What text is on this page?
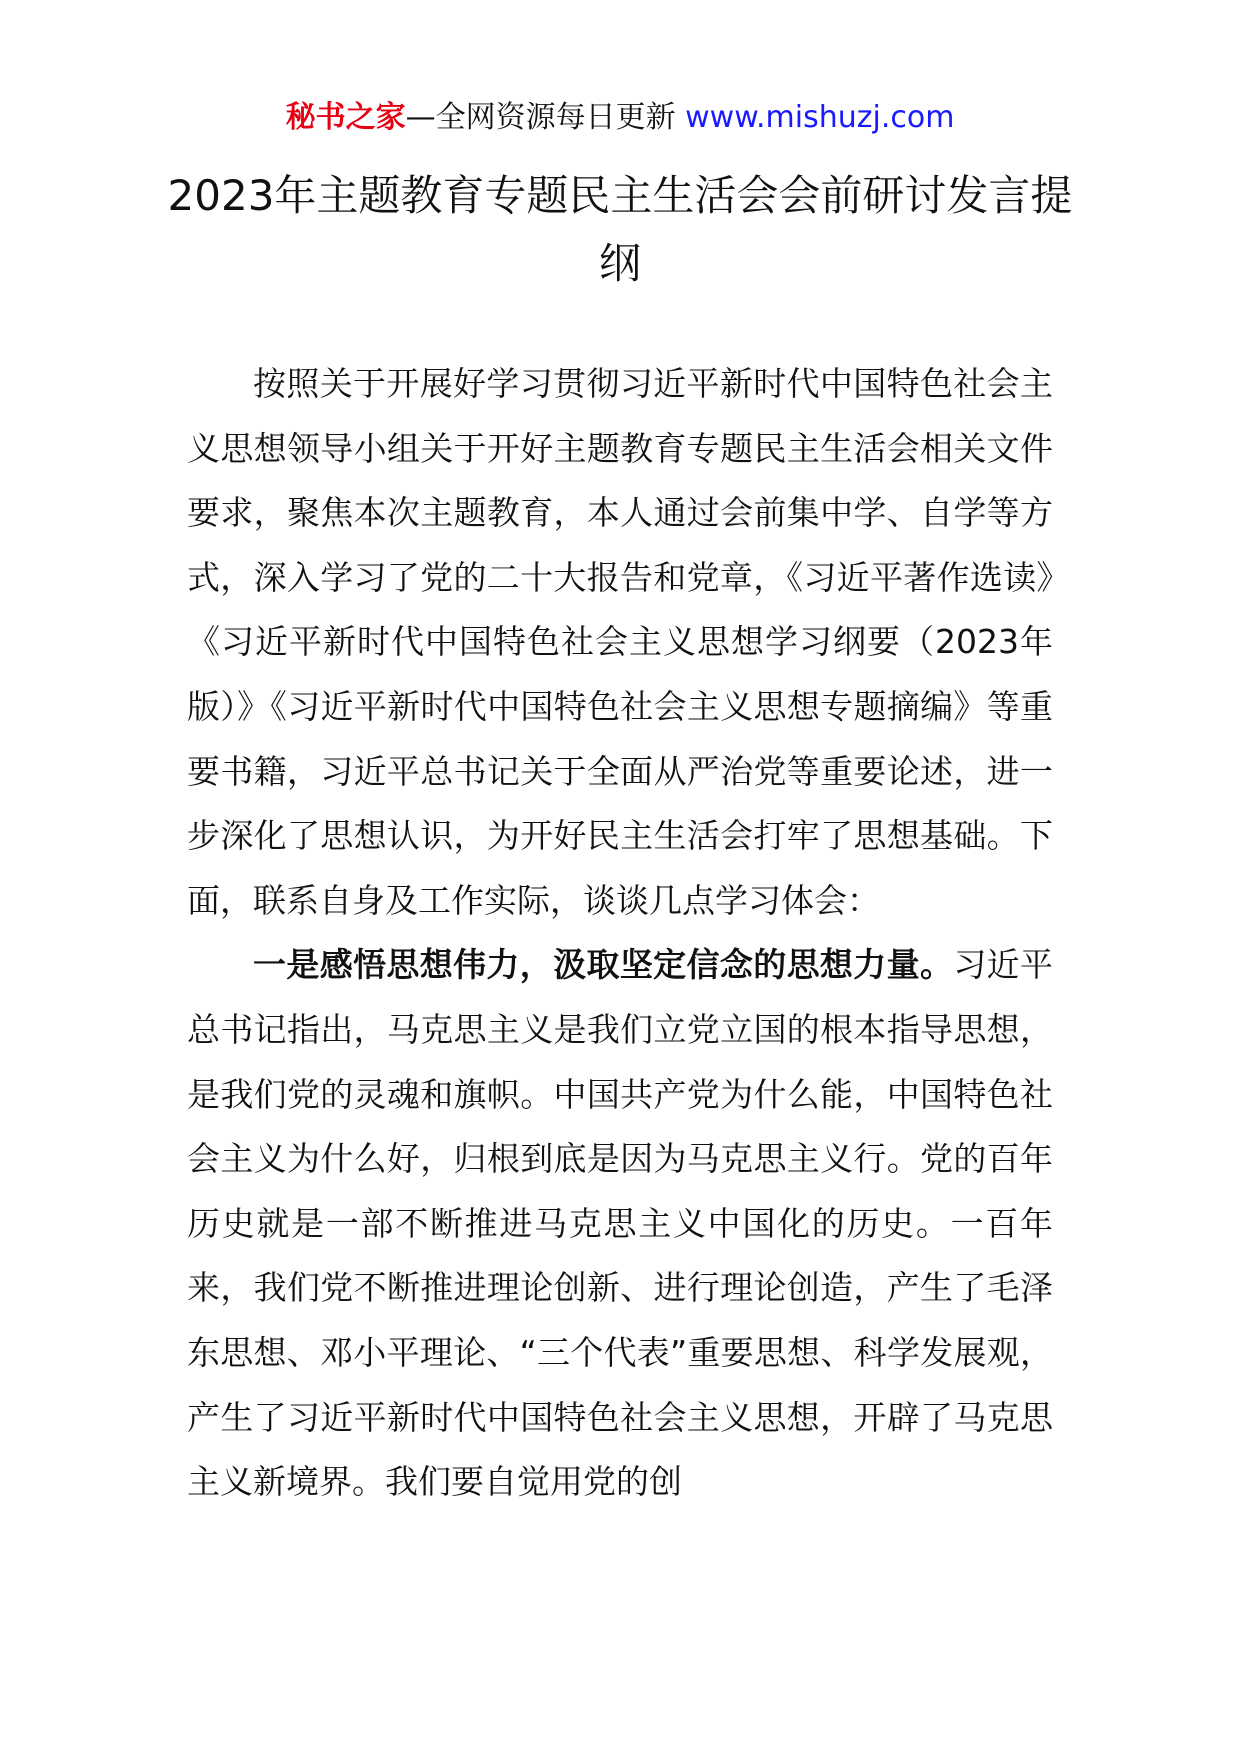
秘书之家—全网资源每日更新 www.mishuzj.com
2023年主题教育专题民主生活会会前研讨发言提纲

按照关于开展好学习贯彻习近平新时代中国特色社会主义思想领导小组关于开好主题教育专题民主生活会相关文件要求，聚焦本次主题教育，本人通过会前集中学、自学等方式，深入学习了党的二十大报告和党章，《习近平著作选读》《习近平新时代中国特色社会主义思想学习纲要（2023年版）》《习近平新时代中国特色社会主义思想专题摘编》等重要书籍，习近平总书记关于全面从严治党等重要论述，进一步深化了思想认识，为开好民主生活会打牢了思想基础。下面，联系自身及工作实际，谈谈几点学习体会：

一是感悟思想伟力，汲取坚定信念的思想力量。习近平总书记指出，马克思主义是我们立党立国的根本指导思想，是我们党的灵魂和旗帜。中国共产党为什么能，中国特色社会主义为什么好，归根到底是因为马克思主义行。党的百年历史就是一部不断推进马克思主义中国化的历史。一百年来，我们党不断推进理论创新、进行理论创造，产生了毛泽东思想、邓小平理论、“三个代表”重要思想、科学发展观，产生了习近平新时代中国特色社会主义思想，开辟了马克思主义新境界。我们要自觉用党的创
